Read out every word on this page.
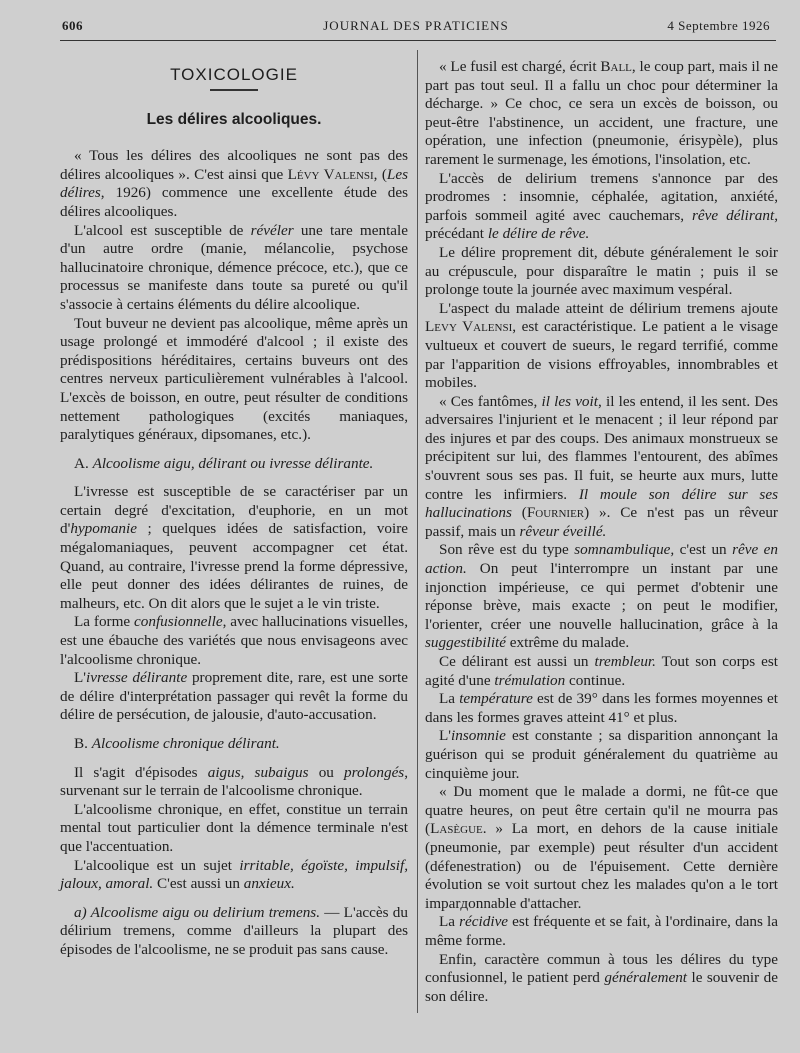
606	JOURNAL DES PRATICIENS	4 Septembre 1926
TOXICOLOGIE
Les délires alcooliques.

« Tous les délires des alcooliques ne sont pas des délires alcooliques ». C'est ainsi que Lévy Valensi, (Les délires, 1926) commence une excellente étude des délires alcooliques.

L'alcool est susceptible de révéler une tare mentale d'un autre ordre (manie, mélancolie, psychose hallucinatoire chronique, démence précoce, etc.), que ce processus se manifeste dans toute sa pureté ou qu'il s'associe à certains éléments du délire alcoolique.

Tout buveur ne devient pas alcoolique, même après un usage prolongé et immodéré d'alcool ; il existe des prédispositions héréditaires, certains buveurs ont des centres nerveux particulièrement vulnérables à l'alcool. L'excès de boisson, en outre, peut résulter de conditions nettement pathologiques (excités maniaques, paralytiques généraux, dipsomanes, etc.).

A. Alcoolisme aigu, délirant ou ivresse délirante.

L'ivresse est susceptible de se caractériser par un certain degré d'excitation, d'euphorie, en un mot d'hypomanie ; quelques idées de satisfaction, voire mégalomaniaques, peuvent accompagner cet état. Quand, au contraire, l'ivresse prend la forme dépressive, elle peut donner des idées délirantes de ruines, de malheurs, etc. On dit alors que le sujet a le vin triste.

La forme confusionnelle, avec hallucinations visuelles, est une ébauche des variétés que nous envisageons avec l'alcoolisme chronique.

L'ivresse délirante proprement dite, rare, est une sorte de délire d'interprétation passager qui revêt la forme du délire de persécution, de jalousie, d'auto-accusation.

B. Alcoolisme chronique délirant.

Il s'agit d'épisodes aigus, subaigus ou prolongés, survenant sur le terrain de l'alcoolisme chronique.

L'alcoolisme chronique, en effet, constitue un terrain mental tout particulier dont la démence terminale n'est que l'accentuation.

L'alcoolique est un sujet irritable, égoïste, impulsif, jaloux, amoral. C'est aussi un anxieux.

a) Alcoolisme aigu ou delirium tremens. — L'accès du délirium tremens, comme d'ailleurs la plupart des épisodes de l'alcoolisme, ne se produit pas sans cause.

« Le fusil est chargé, écrit Ball, le coup part, mais il ne part pas tout seul. Il a fallu un choc pour déterminer la décharge. » Ce choc, ce sera un excès de boisson, ou peut-être l'abstinence, un accident, une fracture, une opération, une infection (pneumonie, érisypèle), plus rarement le surmenage, les émotions, l'insolation, etc.

L'accès de delirium tremens s'annonce par des prodromes : insomnie, céphalée, agitation, anxiété, parfois sommeil agité avec cauchemars, rêve délirant, précédant le délire de rêve.

Le délire proprement dit, débute généralement le soir au crépuscule, pour disparaître le matin ; puis il se prolonge toute la journée avec maximum vespéral.

L'aspect du malade atteint de délirium tremens ajoute Levy Valensi, est caractéristique. Le patient a le visage vultueux et couvert de sueurs, le regard terrifié, comme par l'apparition de visions effroyables, innombrables et mobiles.

« Ces fantômes, il les voit, il les entend, il les sent. Des adversaires l'injurient et le menacent ; il leur répond par des injures et par des coups. Des animaux monstrueux se précipitent sur lui, des flammes l'entourent, des abîmes s'ouvrent sous ses pas. Il fuit, se heurte aux murs, lutte contre les infirmiers. Il moule son délire sur ses hallucinations (Fournier) ». Ce n'est pas un rêveur passif, mais un rêveur éveillé.

Son rêve est du type somnambulique, c'est un rêve en action. On peut l'interrompre un instant par une injonction impérieuse, ce qui permet d'obtenir une réponse brève, mais exacte ; on peut le modifier, l'orienter, créer une nouvelle hallucination, grâce à la suggestibilité extrême du malade.

Ce délirant est aussi un trembleur. Tout son corps est agité d'une trémulation continue.

La température est de 39° dans les formes moyennes et dans les formes graves atteint 41° et plus.

L'insomnie est constante ; sa disparition annonçant la guérison qui se produit généralement du quatrième au cinquième jour.

« Du moment que le malade a dormi, ne fût-ce que quatre heures, on peut être certain qu'il ne mourra pas (Lasègue. » La mort, en dehors de la cause initiale (pneumonie, par exemple) peut résulter d'un accident (défenestration) ou de l'épuisement. Cette dernière évolution se voit surtout chez les malades qu'on a le tort imparдonnable d'attacher.

La récidive est fréquente et se fait, à l'ordinaire, dans la même forme.

Enfin, caractère commun à tous les délires du type confusionnel, le patient perd généralement le souvenir de son délire.
